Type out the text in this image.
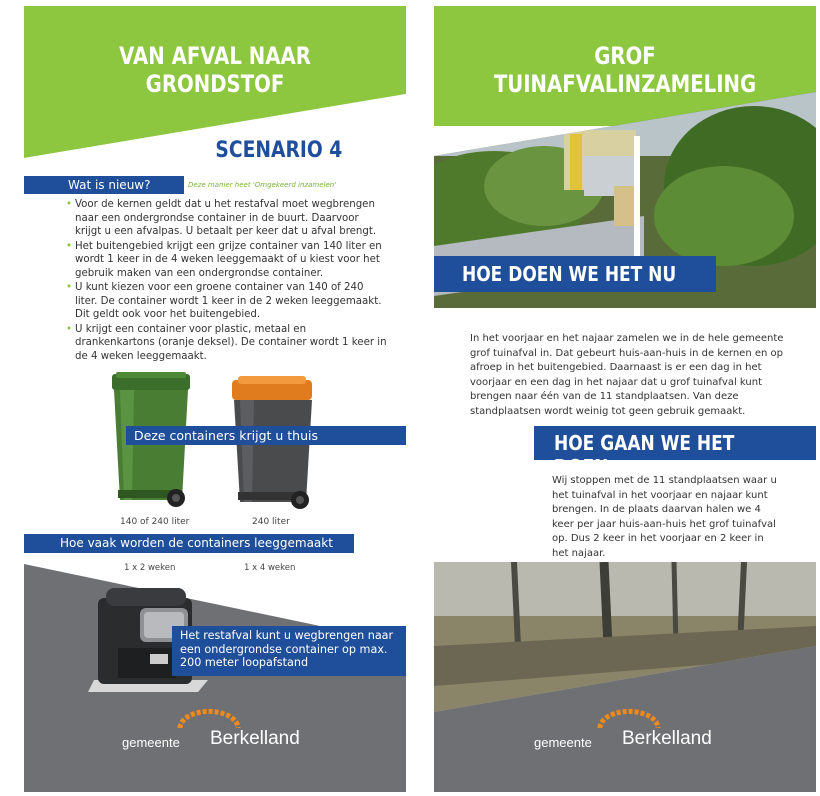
VAN AFVAL NAAR GRONDSTOF
SCENARIO 4
Wat is nieuw?	Deze manier heet 'Omgekeerd inzamelen'
• Voor de kernen geldt dat u het restafval moet wegbrengen naar een ondergrondse container in de buurt. Daarvoor krijgt u een afvalpas. U betaalt per keer dat u afval brengt.
• Het buitengebied krijgt een grijze container van 140 liter en wordt 1 keer in de 4 weken leeggemaakt of u kiest voor het gebruik maken van een ondergrondse container.
• U kunt kiezen voor een groene container van 140 of 240 liter. De container wordt 1 keer in de 2 weken leeggemaakt. Dit geldt ook voor het buitengebied.
• U krijgt een container voor plastic, metaal en drankenkartons (oranje deksel). De container wordt 1 keer in de 4 weken leeggemaakt.
Deze containers krijgt u thuis
140 of 240 liter	240 liter
Hoe vaak worden de containers leeggemaakt
1 x 2 weken	1 x 4 weken
Het restafval kunt u wegbrengen naar een ondergrondse container op max. 200 meter loopafstand
gemeente Berkelland
GROF TUINAFVALINZAMELING
HOE DOEN WE HET NU
In het voorjaar en het najaar zamelen we in de hele gemeente grof tuinafval in. Dat gebeurt huis-aan-huis in de kernen en op afroep in het buitengebied. Daarnaast is er een dag in het voorjaar en een dag in het najaar dat u grof tuinafval kunt brengen naar één van de 11 standplaatsen. Van deze standplaatsen wordt weinig tot geen gebruik gemaakt.
HOE GAAN WE HET DOEN
Wij stoppen met de 11 standplaatsen waar u het tuinafval in het voorjaar en najaar kunt brengen. In de plaats daarvan halen we 4 keer per jaar huis-aan-huis het grof tuinafval op. Dus 2 keer in het voorjaar en 2 keer in het najaar.
gemeente Berkelland
